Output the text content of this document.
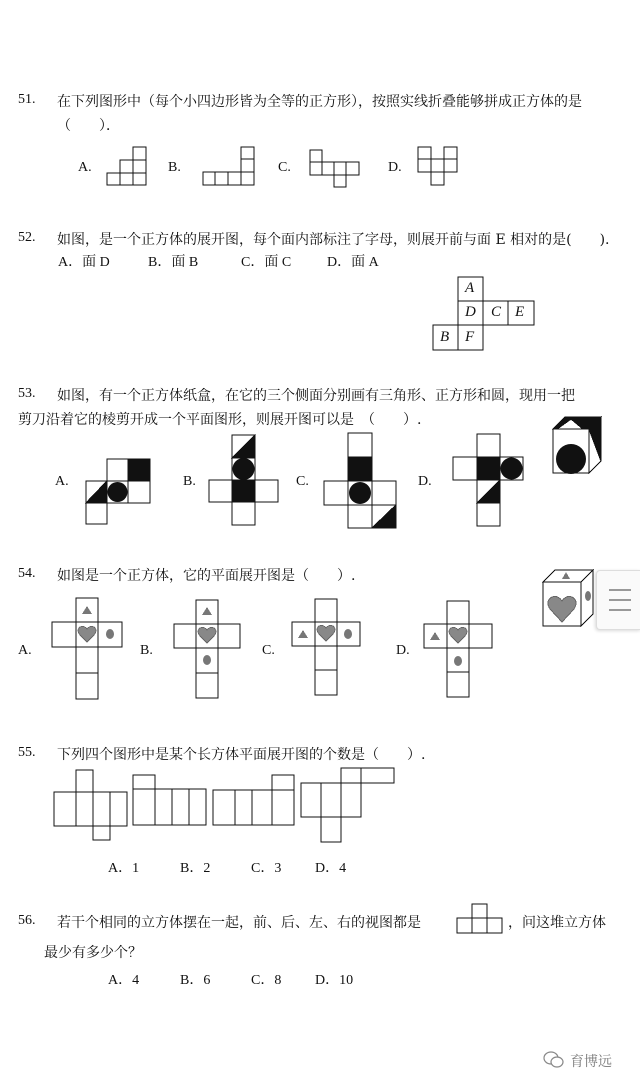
51. 在下列图形中（每个小四边形皆为全等的正方形），按照实线折叠能够拼成正方体的是
（　　）．
A.	B.	C.	D.
52. 如图，是一个正方体的展开图，每个面内部标注了字母，则展开前与面 E 相对的是(　　).
A．面 D	B．面 B	C．面 C	D．面 A
A
D C E
B F
53. 如图，有一个正方体纸盒，在它的三个侧面分别画有三角形、正方形和圆，现用一把
剪刀沿着它的棱剪开成一个平面图形，则展开图可以是　（　　）.
A.	B.	C.	D.
54. 如图是一个正方体，它的平面展开图是（　　）.
A.	B.	C.	D.
55. 下列四个图形中是某个长方体平面展开图的个数是（　　）.
A．1	B．2	C．3 D．4
56. 若干个相同的立方体摆在一起，前、后、左、右的视图都是	，问这堆立方体
最少有多少个？
A．4	B．6	C．8 D．10
育博远
